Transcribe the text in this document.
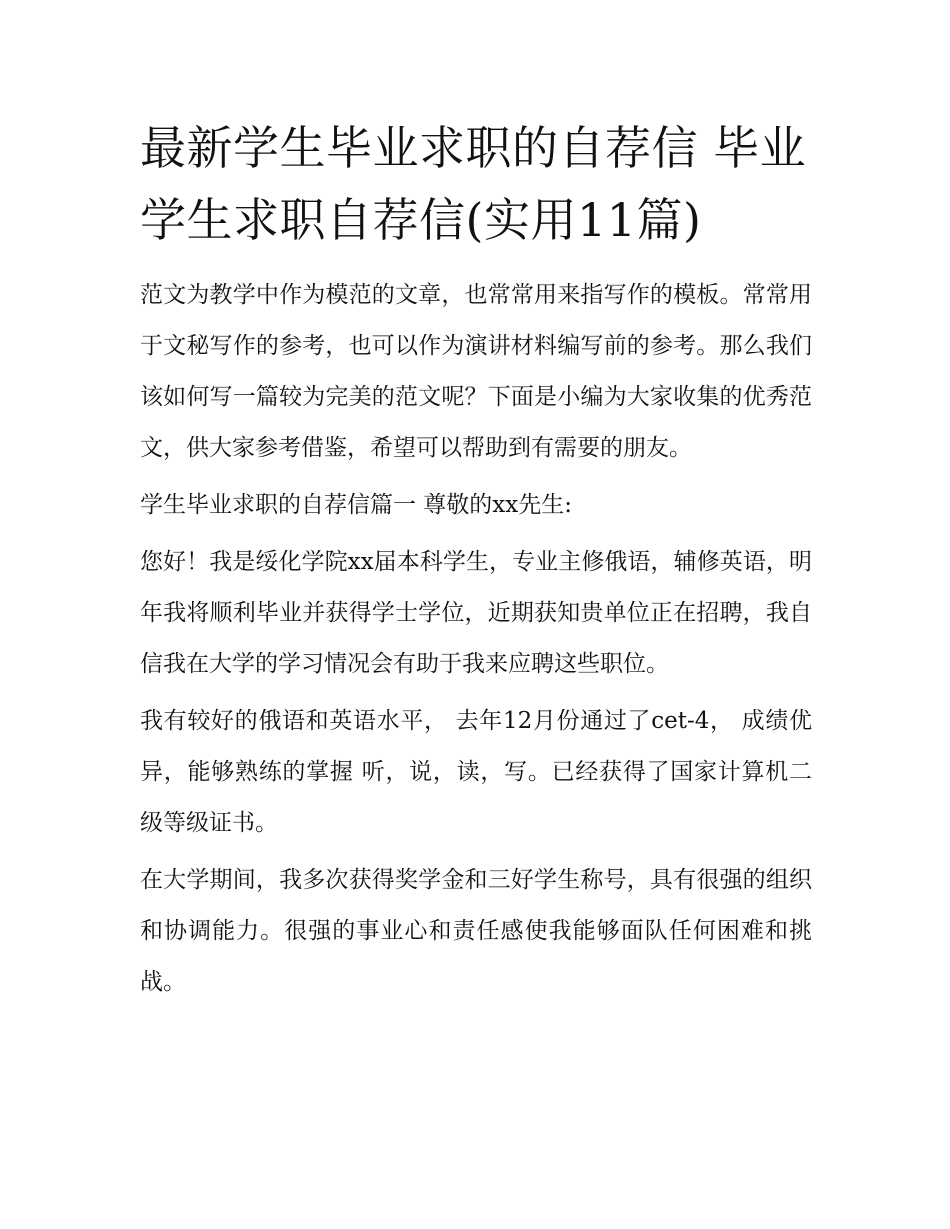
最新学生毕业求职的自荐信 毕业学生求职自荐信(实用11篇)

范文为教学中作为模范的文章，也常常用来指写作的模板。常常用于文秘写作的参考，也可以作为演讲材料编写前的参考。那么我们该如何写一篇较为完美的范文呢？下面是小编为大家收集的优秀范文，供大家参考借鉴，希望可以帮助到有需要的朋友。

学生毕业求职的自荐信篇一 尊敬的xx先生:

您好！我是绥化学院xx届本科学生，专业主修俄语，辅修英语，明年我将顺利毕业并获得学士学位，近期获知贵单位正在招聘，我自信我在大学的学习情况会有助于我来应聘这些职位。

我有较好的俄语和英语水平， 去年12月份通过了cet-4， 成绩优异，能够熟练的掌握 听，说，读，写。已经获得了国家计算机二级等级证书。

在大学期间，我多次获得奖学金和三好学生称号，具有很强的组织和协调能力。很强的事业心和责任感使我能够面队任何困难和挑战。
